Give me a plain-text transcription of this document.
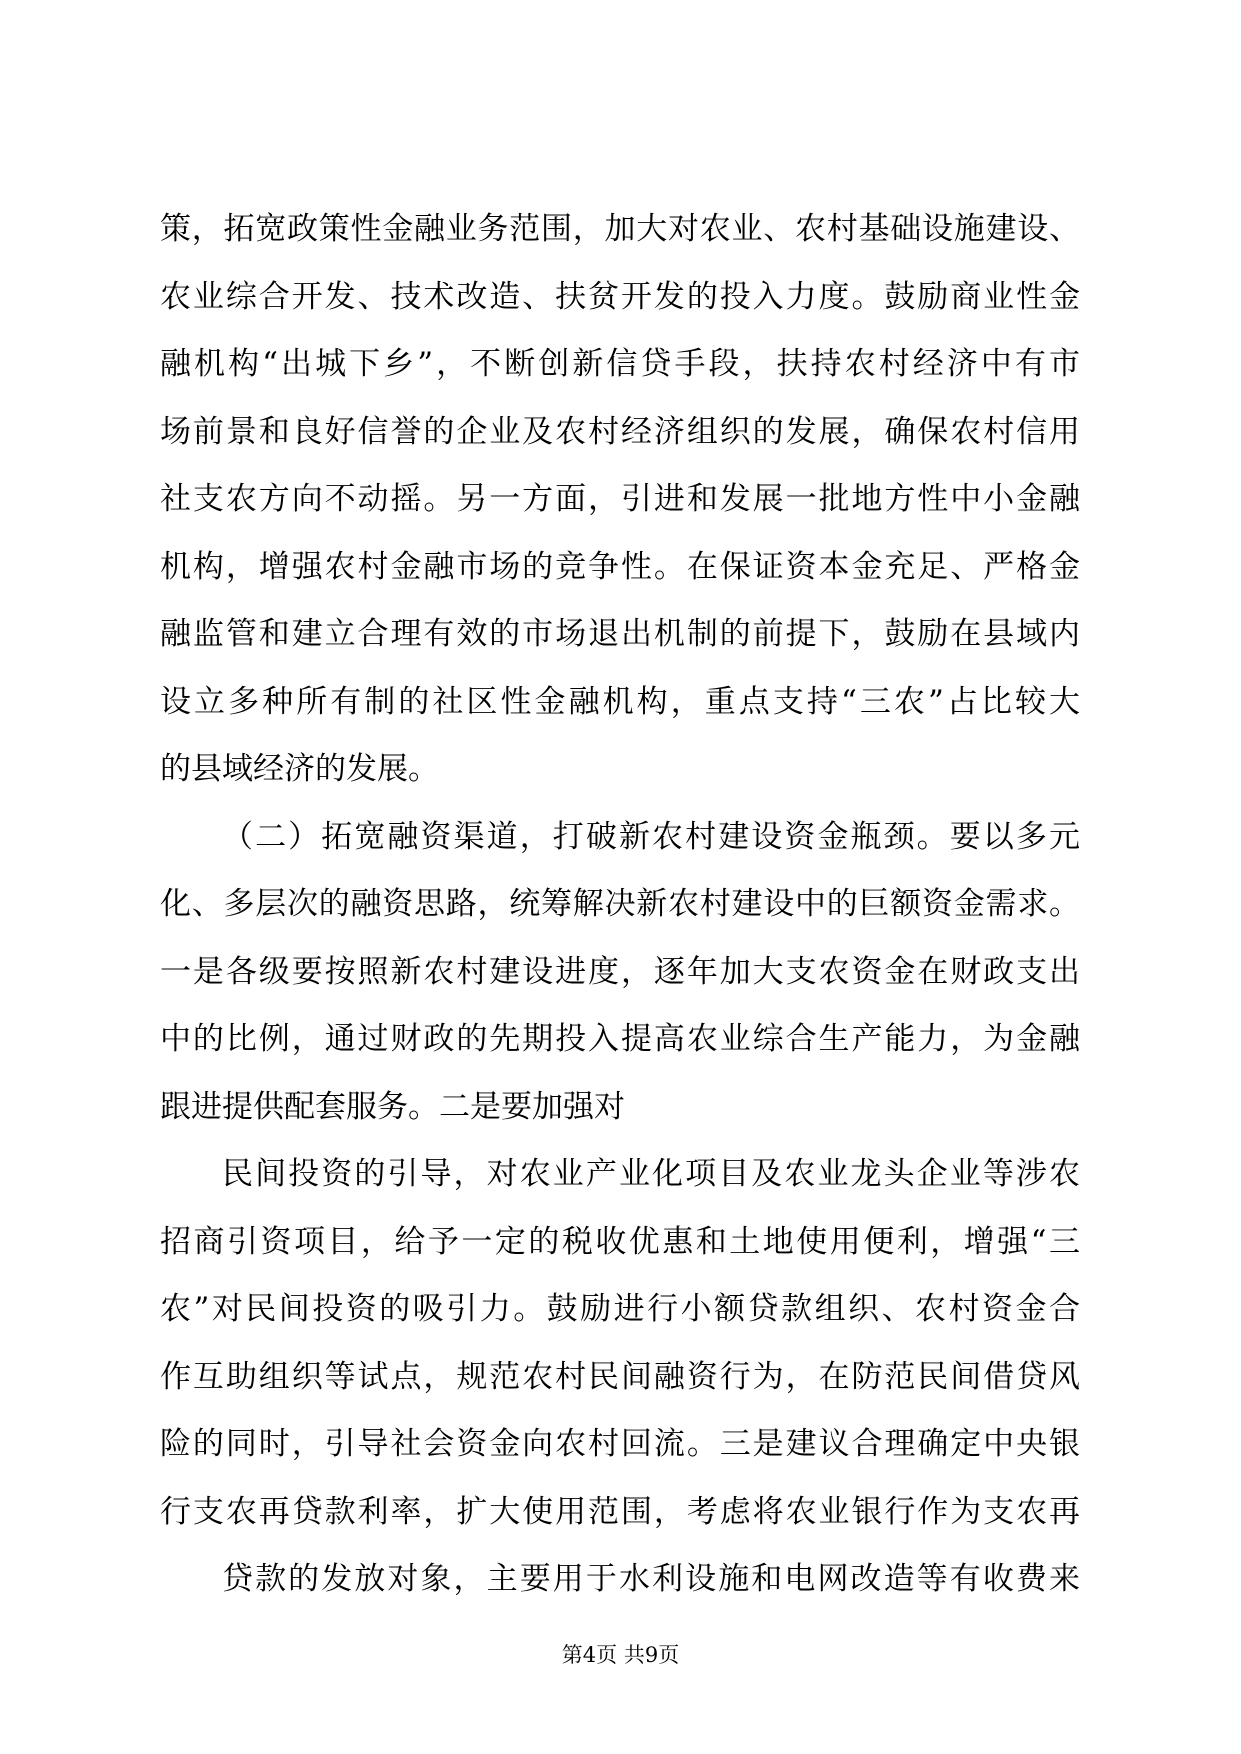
策，拓宽政策性金融业务范围，加大对农业、农村基础设施建设、
农业综合开发、技术改造、扶贫开发的投入力度。鼓励商业性金
融机构“出城下乡”，不断创新信贷手段，扶持农村经济中有市
场前景和良好信誉的企业及农村经济组织的发展，确保农村信用
社支农方向不动摇。另一方面，引进和发展一批地方性中小金融
机构，增强农村金融市场的竞争性。在保证资本金充足、严格金
融监管和建立合理有效的市场退出机制的前提下，鼓励在县域内
设立多种所有制的社区性金融机构，重点支持“三农”占比较大
的县域经济的发展。
（二）拓宽融资渠道，打破新农村建设资金瓶颈。要以多元
化、多层次的融资思路，统筹解决新农村建设中的巨额资金需求。
一是各级要按照新农村建设进度，逐年加大支农资金在财政支出
中的比例，通过财政的先期投入提高农业综合生产能力，为金融
跟进提供配套服务。二是要加强对
民间投资的引导，对农业产业化项目及农业龙头企业等涉农
招商引资项目，给予一定的税收优惠和土地使用便利，增强“三
农”对民间投资的吸引力。鼓励进行小额贷款组织、农村资金合
作互助组织等试点，规范农村民间融资行为，在防范民间借贷风
险的同时，引导社会资金向农村回流。三是建议合理确定中央银
行支农再贷款利率，扩大使用范围，考虑将农业银行作为支农再
贷款的发放对象，主要用于水利设施和电网改造等有收费来
第4页 共9页
